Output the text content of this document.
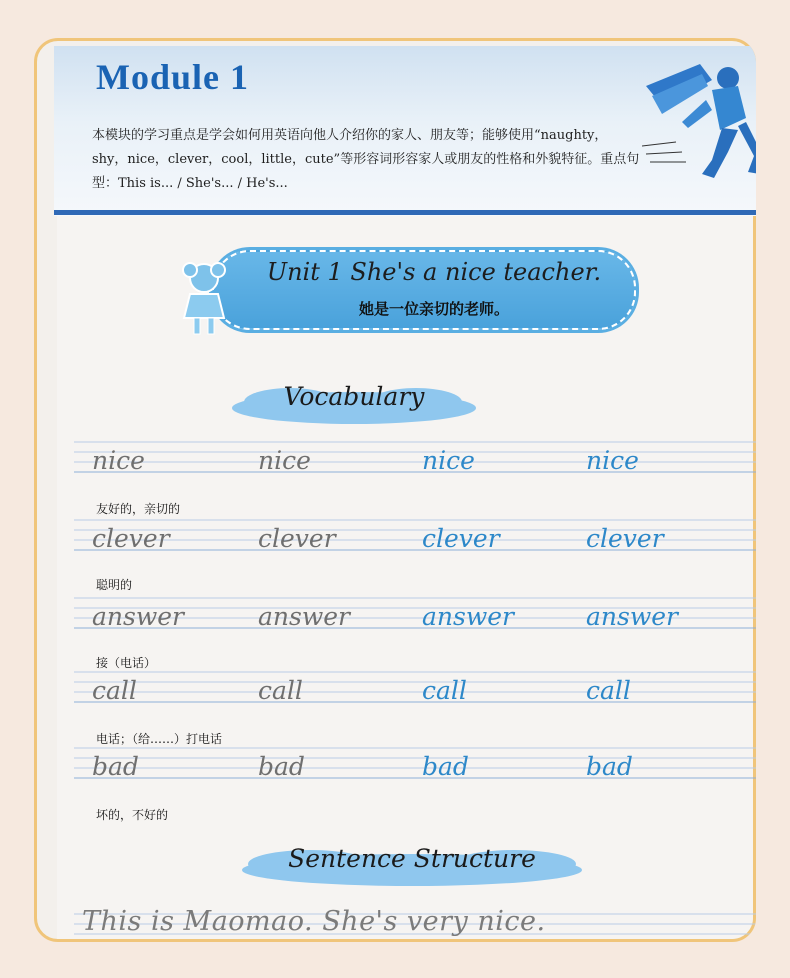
Module 1

本模块的学习重点是学会如何用英语向他人介绍你的家人、朋友等；能够使用“naughty，shy，nice，clever，cool，little，cute”等形容词形容家人或朋友的性格和外貌特征。重点句型：This is... / She's... / He's...

Unit 1 She's a nice teacher.

她是一位亲切的老师。

Vocabulary
nice	nice	nice	nice
友好的，亲切的
clever	clever	clever	clever
聪明的
answer	answer	answer	answer
接（电话）
call	call	call	call
电话；（给……）打电话
bad	bad	bad	bad
坏的，不好的
Sentence Structure
This is Maomao. She's very nice.
